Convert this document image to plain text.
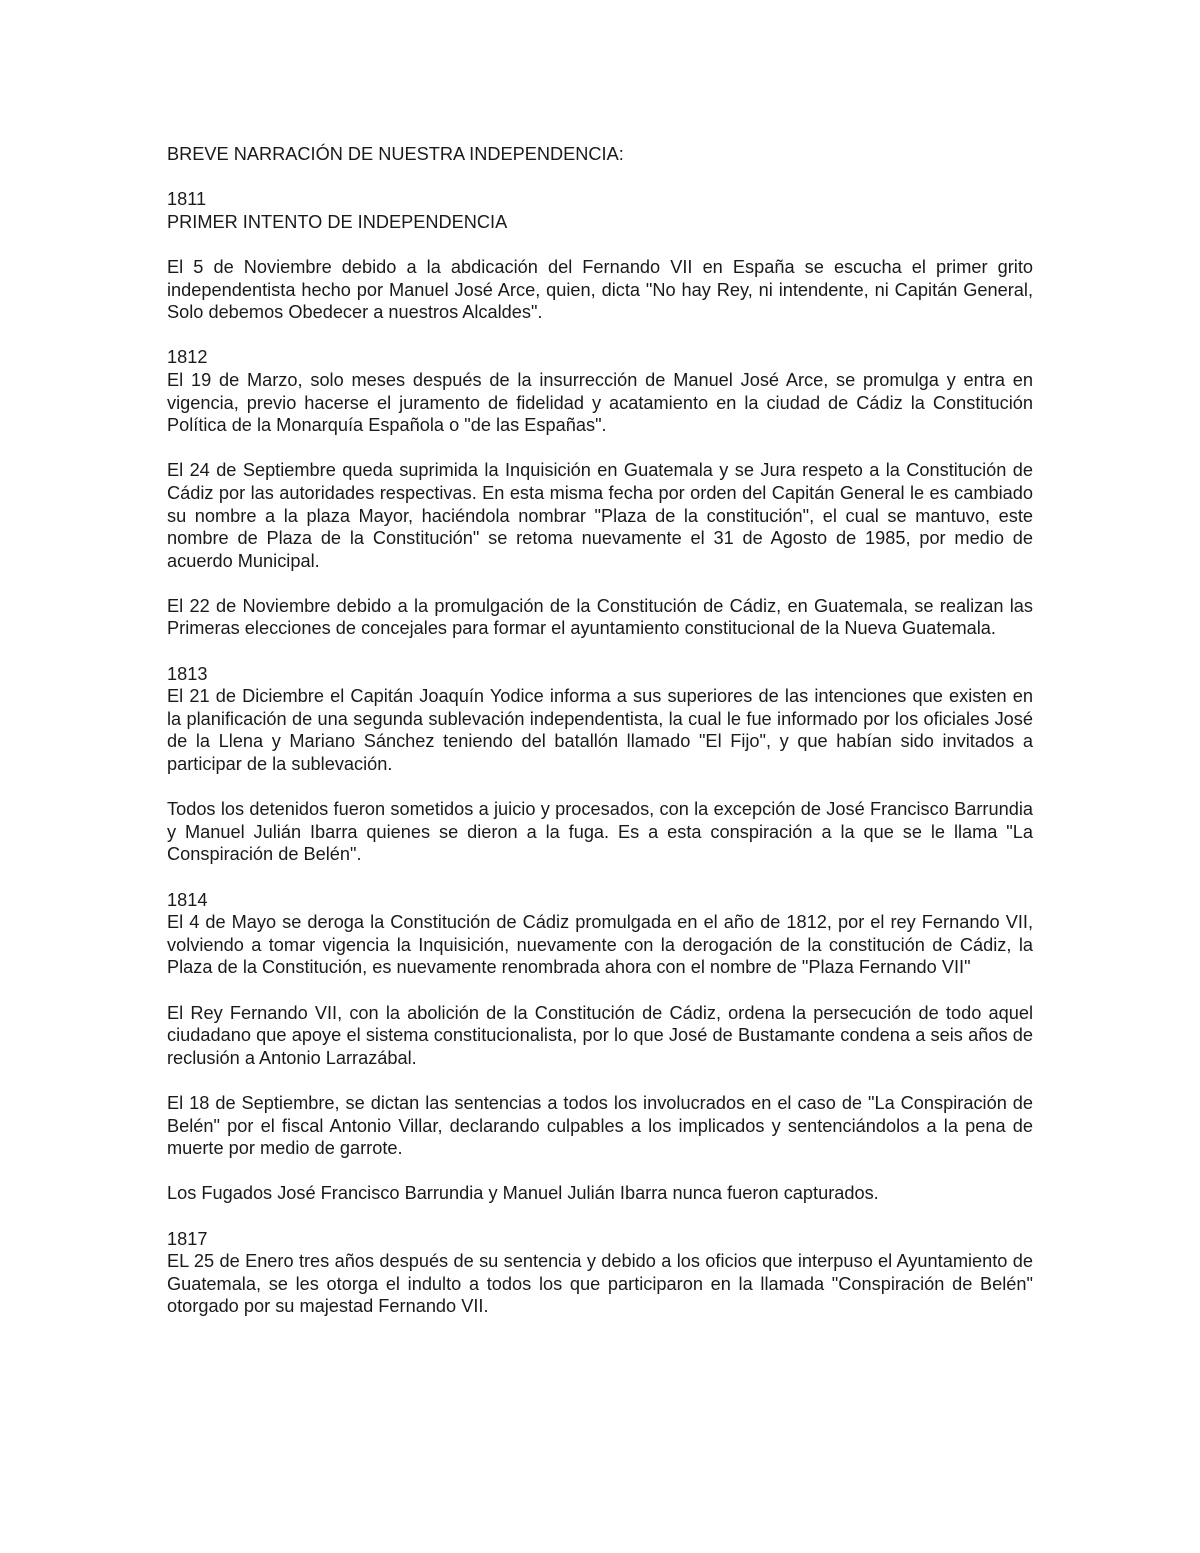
BREVE NARRACIÓN DE NUESTRA INDEPENDENCIA:

1811
PRIMER INTENTO DE INDEPENDENCIA

El 5 de Noviembre debido a la abdicación del Fernando VII en España se escucha el primer grito independentista hecho por Manuel José Arce, quien, dicta "No hay Rey, ni intendente, ni Capitán General, Solo debemos Obedecer a nuestros Alcaldes".

1812

El 19 de Marzo, solo meses después de la insurrección de Manuel José Arce, se promulga y entra en vigencia, previo hacerse el juramento de fidelidad y acatamiento en la ciudad de Cádiz la Constitución Política de la Monarquía Española o "de las Españas".

El 24 de Septiembre queda suprimida la Inquisición en Guatemala y se Jura respeto a la Constitución de Cádiz por las autoridades respectivas. En esta misma fecha por orden del Capitán General le es cambiado su nombre a la plaza Mayor, haciéndola nombrar "Plaza de la constitución", el cual se mantuvo, este nombre de Plaza de la Constitución" se retoma nuevamente el 31 de Agosto de 1985, por medio de acuerdo Municipal.

El 22 de Noviembre debido a la promulgación de la Constitución de Cádiz, en Guatemala, se realizan las Primeras elecciones de concejales para formar el ayuntamiento constitucional de la Nueva Guatemala.

1813

El 21 de Diciembre el Capitán Joaquín Yodice informa a sus superiores de las intenciones que existen en la planificación de una segunda sublevación independentista, la cual le fue informado por los oficiales José de la Llena y Mariano Sánchez teniendo del batallón llamado "El Fijo", y que habían sido invitados a participar de la sublevación.

Todos los detenidos fueron sometidos a juicio y procesados, con la excepción de José Francisco Barrundia y Manuel Julián Ibarra quienes se dieron a la fuga. Es a esta conspiración a la que se le llama "La Conspiración de Belén".

1814

El 4 de Mayo se deroga la Constitución de Cádiz promulgada en el año de 1812, por el rey Fernando VII, volviendo a tomar vigencia la Inquisición, nuevamente con la derogación de la constitución de Cádiz, la Plaza de la Constitución, es nuevamente renombrada ahora con el nombre de "Plaza Fernando VII"

El Rey Fernando VII, con la abolición de la Constitución de Cádiz, ordena la persecución de todo aquel ciudadano que apoye el sistema constitucionalista, por lo que José de Bustamante condena a seis años de reclusión a Antonio Larrazábal.

El 18 de Septiembre, se dictan las sentencias a todos los involucrados en el caso de "La Conspiración de Belén" por el fiscal Antonio Villar, declarando culpables a los implicados y sentenciándolos a la pena de muerte por medio de garrote.

Los Fugados José Francisco Barrundia y Manuel Julián Ibarra nunca fueron capturados.

1817

EL 25 de Enero tres años después de su sentencia y debido a los oficios que interpuso el Ayuntamiento de Guatemala, se les otorga el indulto a todos los que participaron en la llamada "Conspiración de Belén" otorgado por su majestad Fernando VII.
